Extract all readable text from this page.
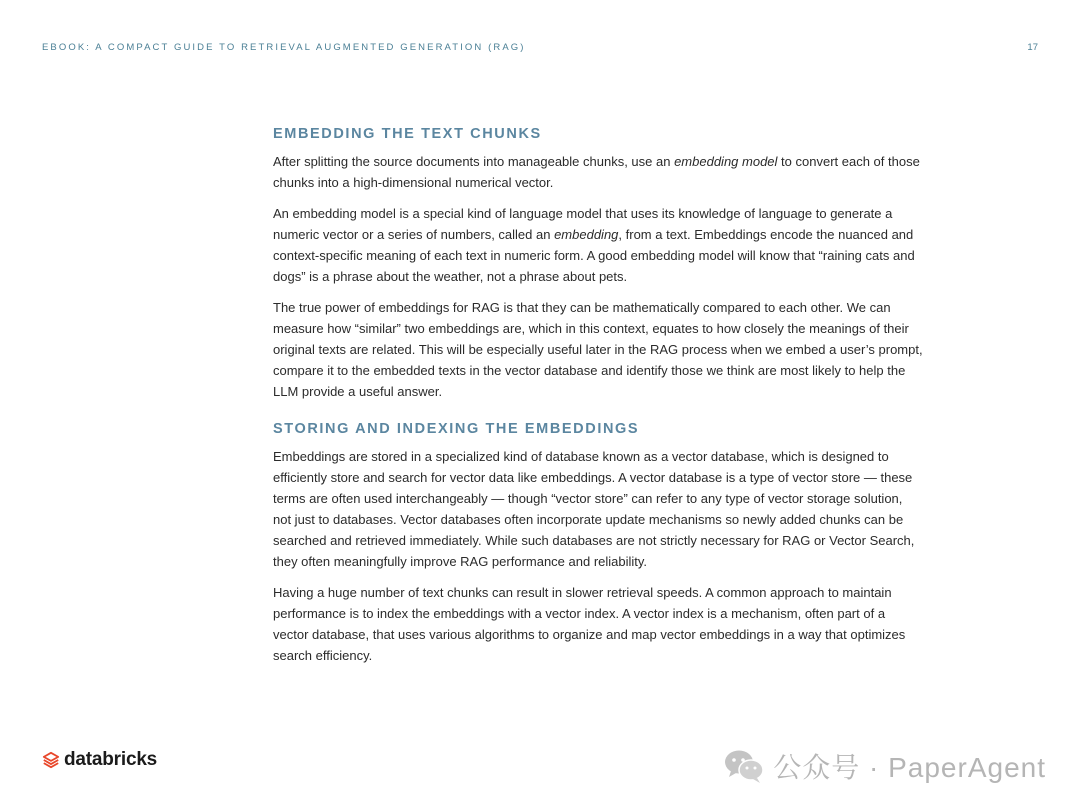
EBOOK: A COMPACT GUIDE TO RETRIEVAL AUGMENTED GENERATION (RAG)	17
EMBEDDING THE TEXT CHUNKS

After splitting the source documents into manageable chunks, use an embedding model to convert each of those chunks into a high-dimensional numerical vector.

An embedding model is a special kind of language model that uses its knowledge of language to generate a numeric vector or a series of numbers, called an embedding, from a text. Embeddings encode the nuanced and context-specific meaning of each text in numeric form. A good embedding model will know that “raining cats and dogs” is a phrase about the weather, not a phrase about pets.

The true power of embeddings for RAG is that they can be mathematically compared to each other. We can measure how “similar” two embeddings are, which in this context, equates to how closely the meanings of their original texts are related. This will be especially useful later in the RAG process when we embed a user’s prompt, compare it to the embedded texts in the vector database and identify those we think are most likely to help the LLM provide a useful answer.

STORING AND INDEXING THE EMBEDDINGS

Embeddings are stored in a specialized kind of database known as a vector database, which is designed to efficiently store and search for vector data like embeddings. A vector database is a type of vector store — these terms are often used interchangeably — though “vector store” can refer to any type of vector storage solution, not just to databases. Vector databases often incorporate update mechanisms so newly added chunks can be searched and retrieved immediately. While such databases are not strictly necessary for RAG or Vector Search, they often meaningfully improve RAG performance and reliability.

Having a huge number of text chunks can result in slower retrieval speeds. A common approach to maintain performance is to index the embeddings with a vector index. A vector index is a mechanism, often part of a vector database, that uses various algorithms to organize and map vector embeddings in a way that optimizes search efficiency.

databricks	公众号 · PaperAgent
